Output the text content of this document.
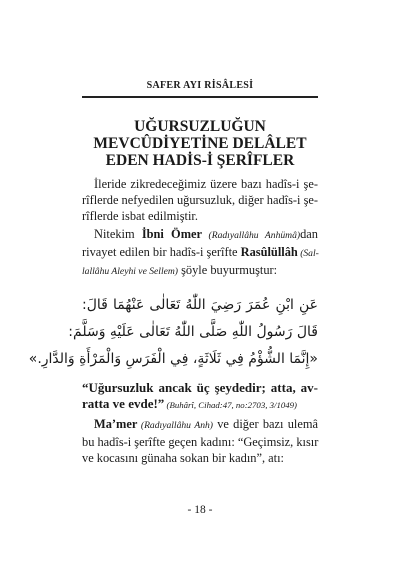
SAFER AYI RİSÂLESİ
UĞURSUZLUĞUN
MEVCÛDİYETİNE DELÂLET
EDEN HADİS-İ ŞERÎFLER

İleride zikredeceğimiz üzere bazı hadîs-i şe-
rîflerde nefyedilen uğursuzluk, diğer hadîs-i şe-
rîflerde isbat edilmiştir.

Nitekim İbni Ömer (Radıyallâhu Anhümâ)dan
rivayet edilen bir hadîs-i şerîfte Rasûlüllâh (Sal-
lallâhu Aleyhi ve Sellem) şöyle buyurmuştur:

عَنِ ابْنِ عُمَرَ رَضِيَ اللّٰهُ تَعَالٰى عَنْهُمَا قَالَ:
قَالَ رَسُولُ اللّٰهِ صَلَّى اللّٰهُ تَعَالٰى عَلَيْهِ وَسَلَّمَ:
«إِنَّمَا الشُّؤْمُ فِي ثَلَاثَةٍ، فِي الْفَرَسِ وَالْمَرْأَةِ وَالدَّارِ.»
“Uğursuzluk ancak üç şeydedir; atta, av-
ratta ve evde!” (Buhârî, Cihad:47, no:2703, 3/1049)
Ma’mer (Radıyallâhu Anh) ve diğer bazı ulemâ
bu hadîs-i şerîfte geçen kadını: “Geçimsiz, kısır
ve kocasını günaha sokan bir kadın”, atı:
- 18 -
